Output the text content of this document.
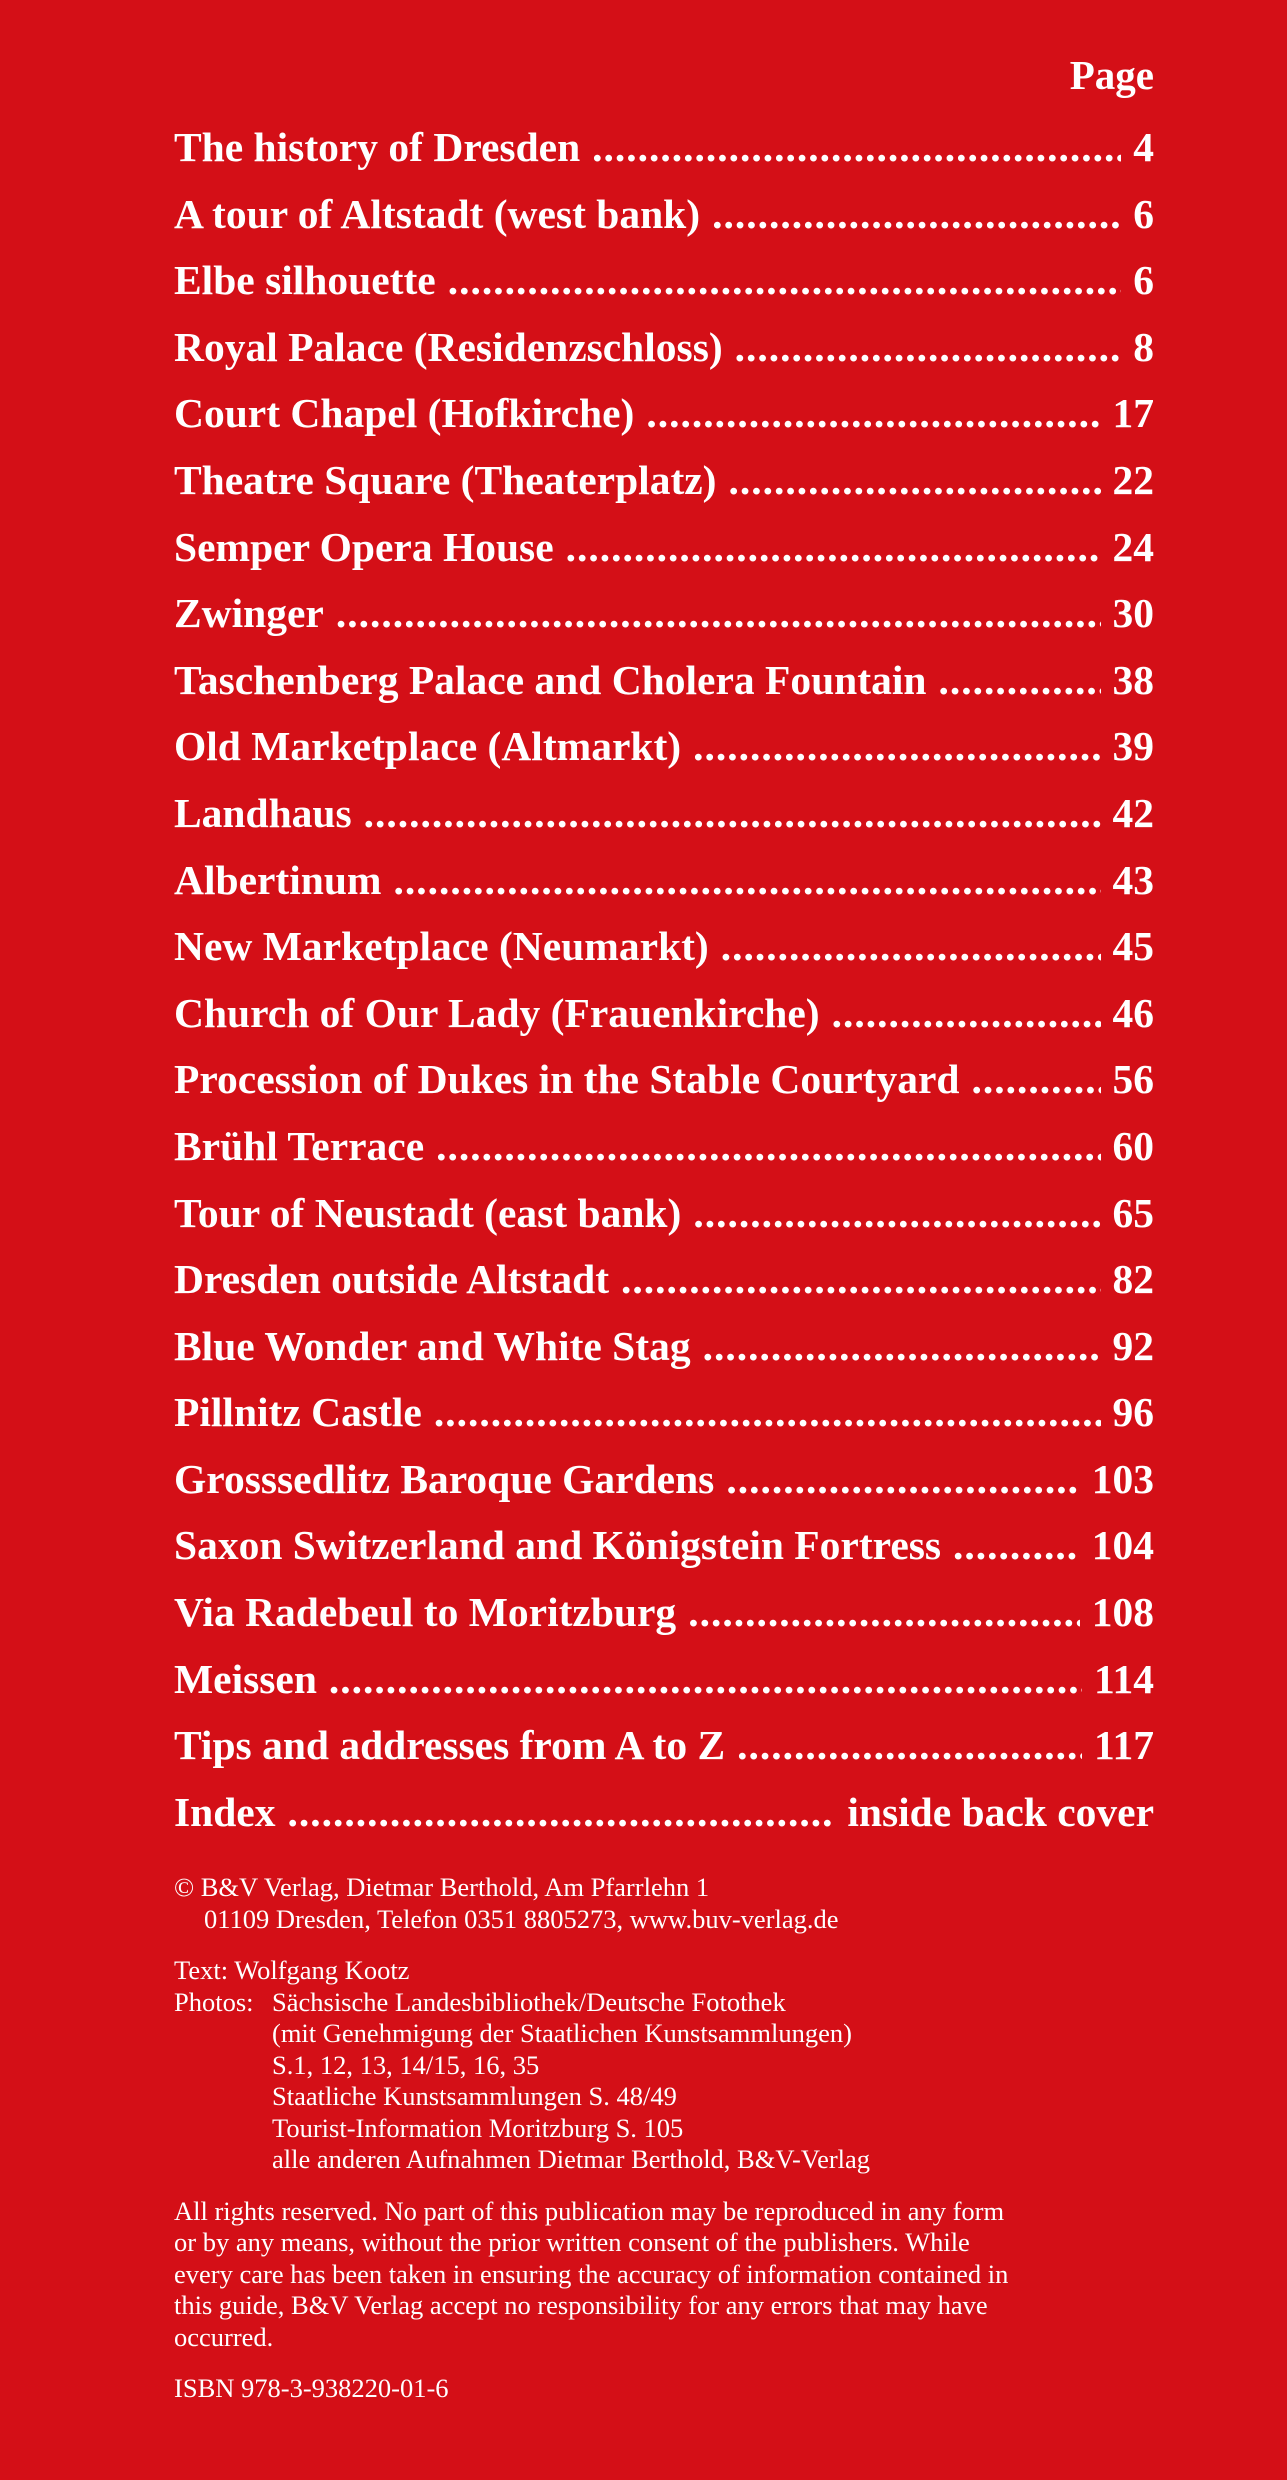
Page
The history of Dresden .....	4
A tour of Altstadt (west bank) .....	6
Elbe silhouette .....	6
Royal Palace (Residenzschloss) .....	8
Court Chapel (Hofkirche) .....	17
Theatre Square (Theaterplatz) .....	22
Semper Opera House .....	24
Zwinger .....	30
Taschenberg Palace and Cholera Fountain .....	38
Old Marketplace (Altmarkt) .....	39
Landhaus .....	42
Albertinum .....	43
New Marketplace (Neumarkt) .....	45
Church of Our Lady (Frauenkirche) .....	46
Procession of Dukes in the Stable Courtyard .....	56
Brühl Terrace .....	60
Tour of Neustadt (east bank) .....	65
Dresden outside Altstadt .....	82
Blue Wonder and White Stag .....	92
Pillnitz Castle .....	96
Grosssedlitz Baroque Gardens .....	103
Saxon Switzerland and Königstein Fortress .....	104
Via Radebeul to Moritzburg .....	108
Meissen .....	114
Tips and addresses from A to Z .....	117
Index .....	inside back cover

© B&V Verlag, Dietmar Berthold, Am Pfarrlehn 1

01109 Dresden, Telefon 0351 8805273, www.buv-verlag.de

Text: Wolfgang Kootz

Photos: Sächsische Landesbibliothek/Deutsche Fotothek
(mit Genehmigung der Staatlichen Kunstsammlungen)
S.1, 12, 13, 14/15, 16, 35
Staatliche Kunstsammlungen S. 48/49
Tourist-Information Moritzburg S. 105
alle anderen Aufnahmen Dietmar Berthold, B&V-Verlag
All rights reserved. No part of this publication may be reproduced in any form
or by any means, without the prior written consent of the publishers. While
every care has been taken in ensuring the accuracy of information contained in
this guide, B&V Verlag accept no responsibility for any errors that may have
occurred.

ISBN 978-3-938220-01-6
